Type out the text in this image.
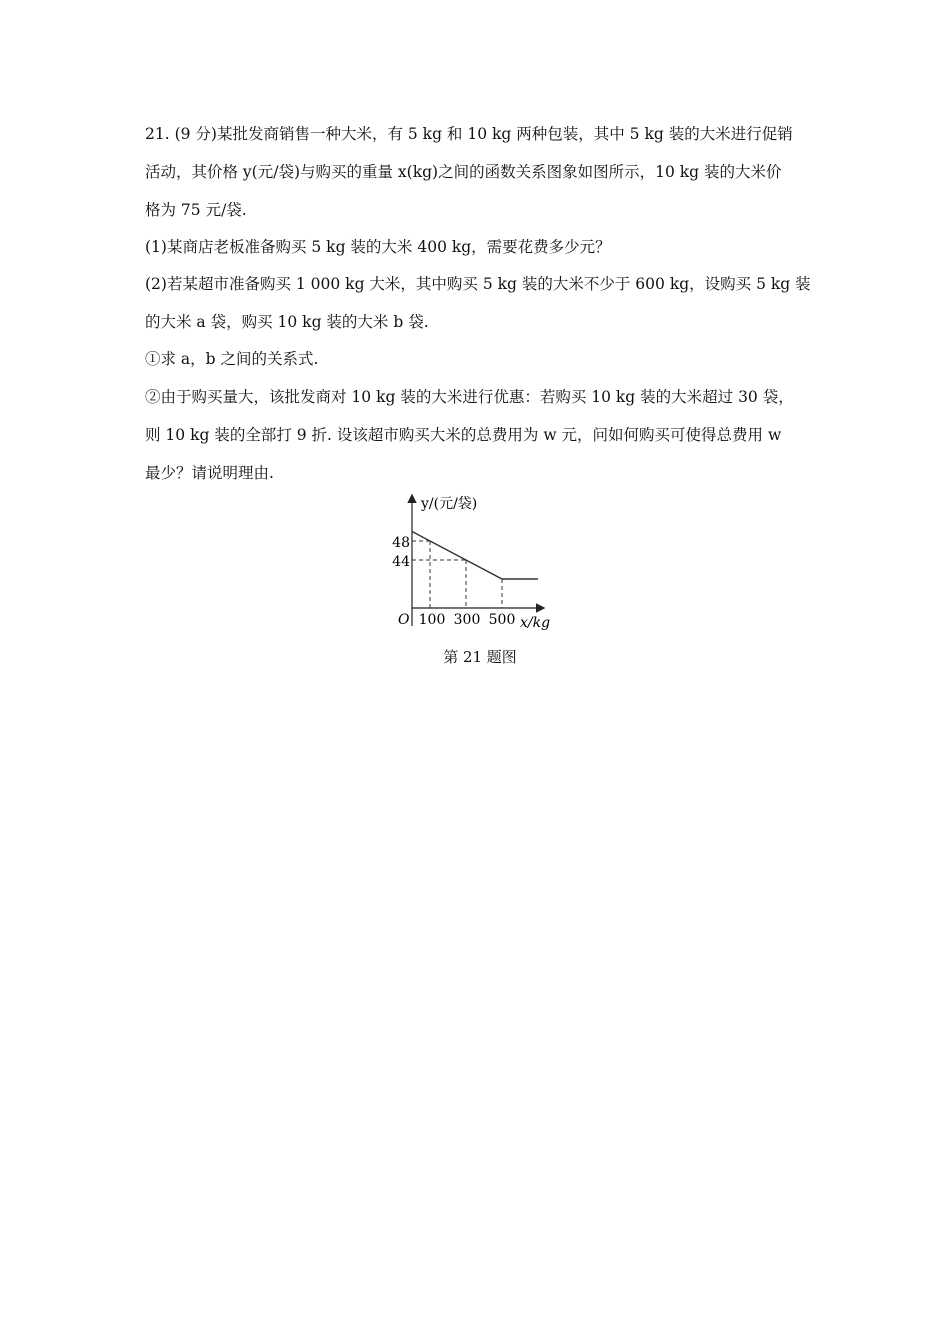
21. (9 分)某批发商销售一种大米，有 5 kg 和 10 kg 两种包装，其中 5 kg 装的大米进行促销
活动，其价格 y(元/袋)与购买的重量 x(kg)之间的函数关系图象如图所示，10 kg 装的大米价
格为 75 元/袋.
(1)某商店老板准备购买 5 kg 装的大米 400 kg，需要花费多少元？
(2)若某超市准备购买 1 000 kg 大米，其中购买 5 kg 装的大米不少于 600 kg，设购买 5 kg 装
的大米 a 袋，购买 10 kg 装的大米 b 袋.
①求 a，b 之间的关系式.
②由于购买量大，该批发商对 10 kg 装的大米进行优惠：若购买 10 kg 装的大米超过 30 袋，
则 10 kg 装的全部打 9 折. 设该超市购买大米的总费用为 w 元，问如何购买可使得总费用 w
最少？请说明理由.
y/(元/袋)
x/kg
O
48
44
100 300 500
第 21 题图
